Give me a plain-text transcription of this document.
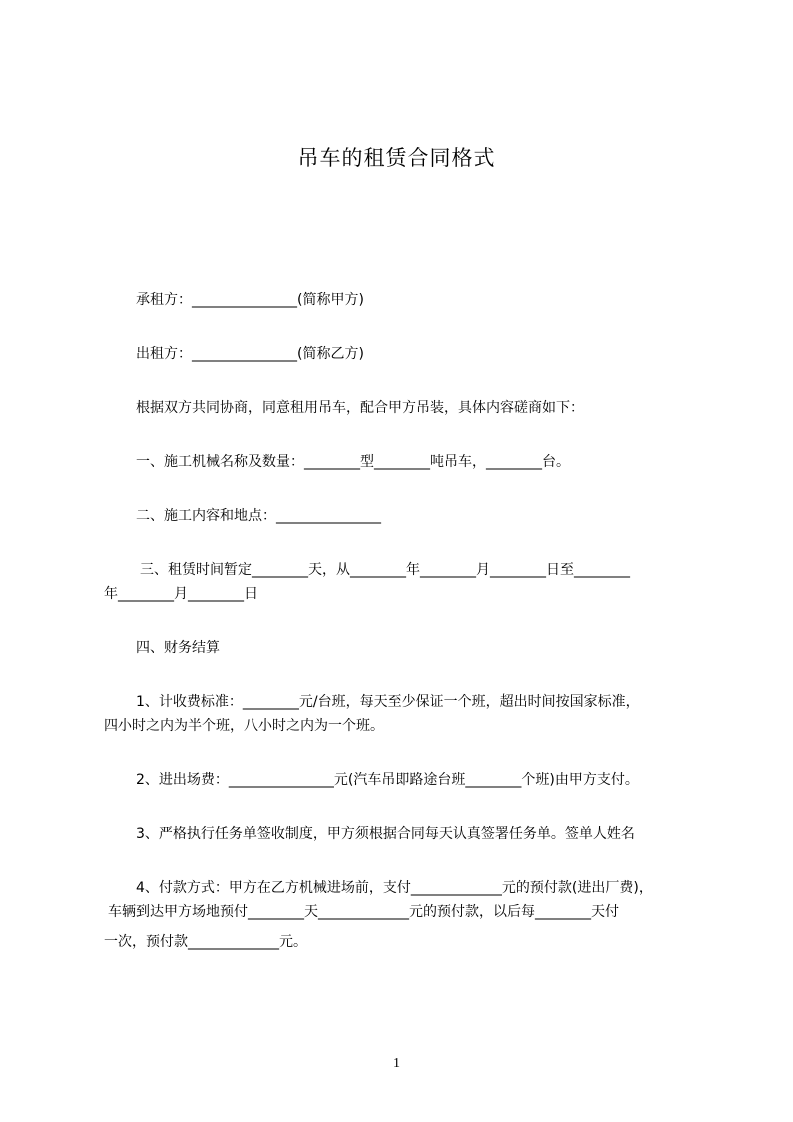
吊车的租赁合同格式

承租方：_______________(简称甲方)

出租方：_______________(简称乙方)

根据双方共同协商，同意租用吊车，配合甲方吊装，具体内容磋商如下：

一、施工机械名称及数量：________型________吨吊车，________台。

二、施工内容和地点：_______________

三、租赁时间暂定________天，从________年________月________日至________

年________月________日

四、财务结算

1、计收费标准：________元/台班，每天至少保证一个班，超出时间按国家标准，

四小时之内为半个班，八小时之内为一个班。

2、进出场费：_______________元(汽车吊即路途台班________个班)由甲方支付。

3、严格执行任务单签收制度，甲方须根据合同每天认真签署任务单。签单人姓名

4、付款方式：甲方在乙方机械进场前，支付_____________元的预付款(进出厂费)，

车辆到达甲方场地预付________天_____________元的预付款，以后每________天付

一次，预付款_____________元。

1
